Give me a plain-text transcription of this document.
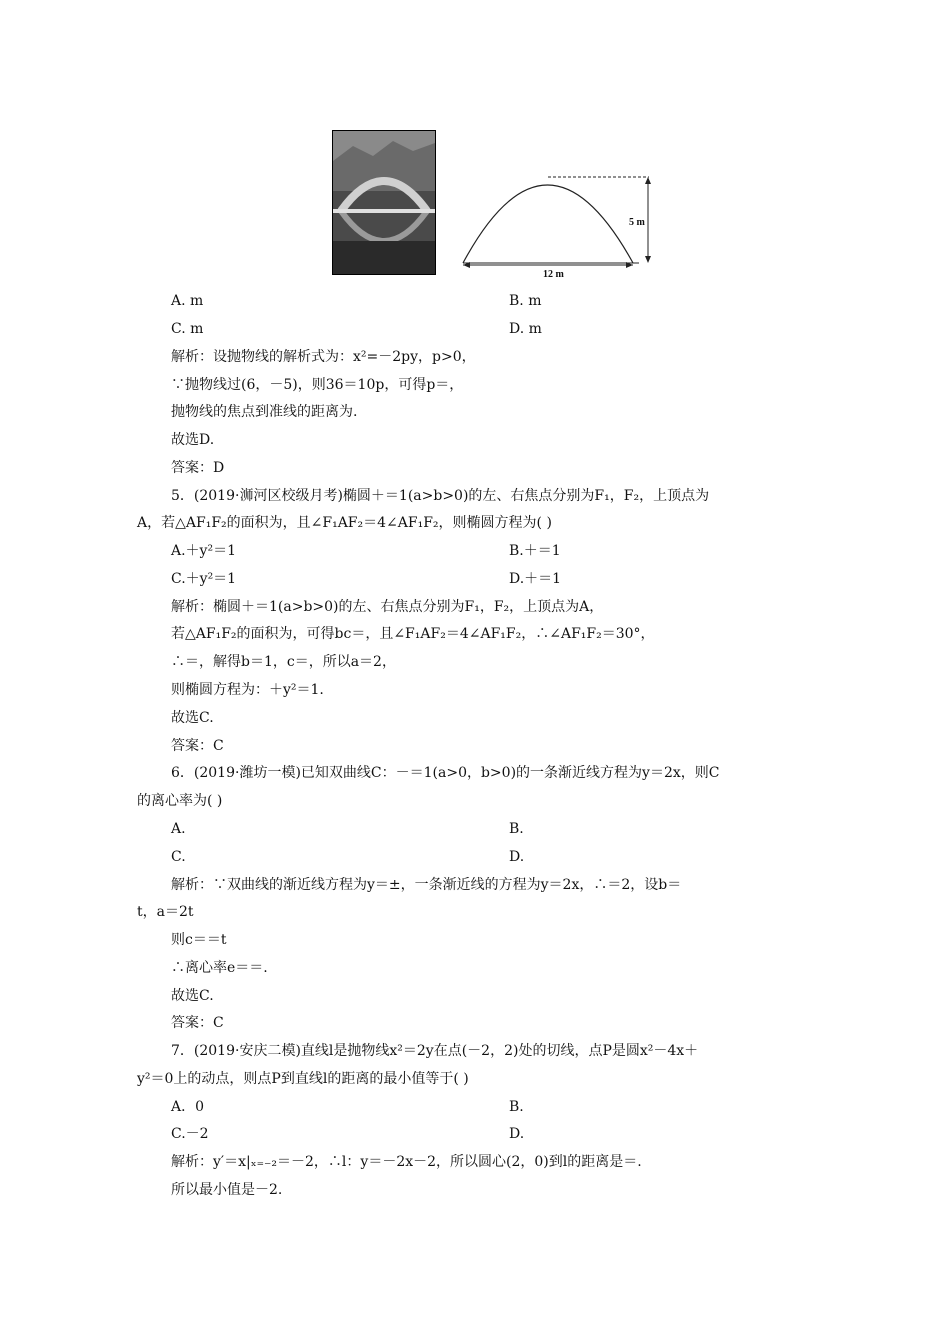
5 m
12 m
A. m	B. m
C. m	D. m
解析：设抛物线的解析式为：x²=－2py，p>0，
∵抛物线过(6，－5)，则36＝10p，可得p＝，
抛物线的焦点到准线的距离为.
故选D.
答案：D
5．(2019·浉河区校级月考)椭圆＋＝1(a>b>0)的左、右焦点分别为F₁，F₂，上顶点为
A，若△AF₁F₂的面积为，且∠F₁AF₂＝4∠AF₁F₂，则椭圆方程为( )
A.＋y²＝1	B.＋＝1
C.＋y²＝1	D.＋＝1
解析：椭圆＋＝1(a>b>0)的左、右焦点分别为F₁，F₂，上顶点为A，
若△AF₁F₂的面积为，可得bc＝，且∠F₁AF₂＝4∠AF₁F₂，∴∠AF₁F₂＝30°，
∴＝，解得b＝1，c＝，所以a＝2，
则椭圆方程为：＋y²＝1.
故选C.
答案：C
6．(2019·潍坊一模)已知双曲线C：－＝1(a>0，b>0)的一条渐近线方程为y＝2x，则C
的离心率为( )
A.	B.
C.	D.
解析：∵双曲线的渐近线方程为y＝±，一条渐近线的方程为y＝2x，∴＝2，设b＝
t，a＝2t
则c＝＝t
∴离心率e＝＝.
故选C.
答案：C
7．(2019·安庆二模)直线l是抛物线x²＝2y在点(－2，2)处的切线，点P是圆x²－4x＋
y²＝0上的动点，则点P到直线l的距离的最小值等于( )
A．0	B.
C.－2	D.
解析：y′＝x|ₓ₌₋₂＝－2，∴l：y＝－2x－2，所以圆心(2，0)到l的距离是＝.
所以最小值是－2.
